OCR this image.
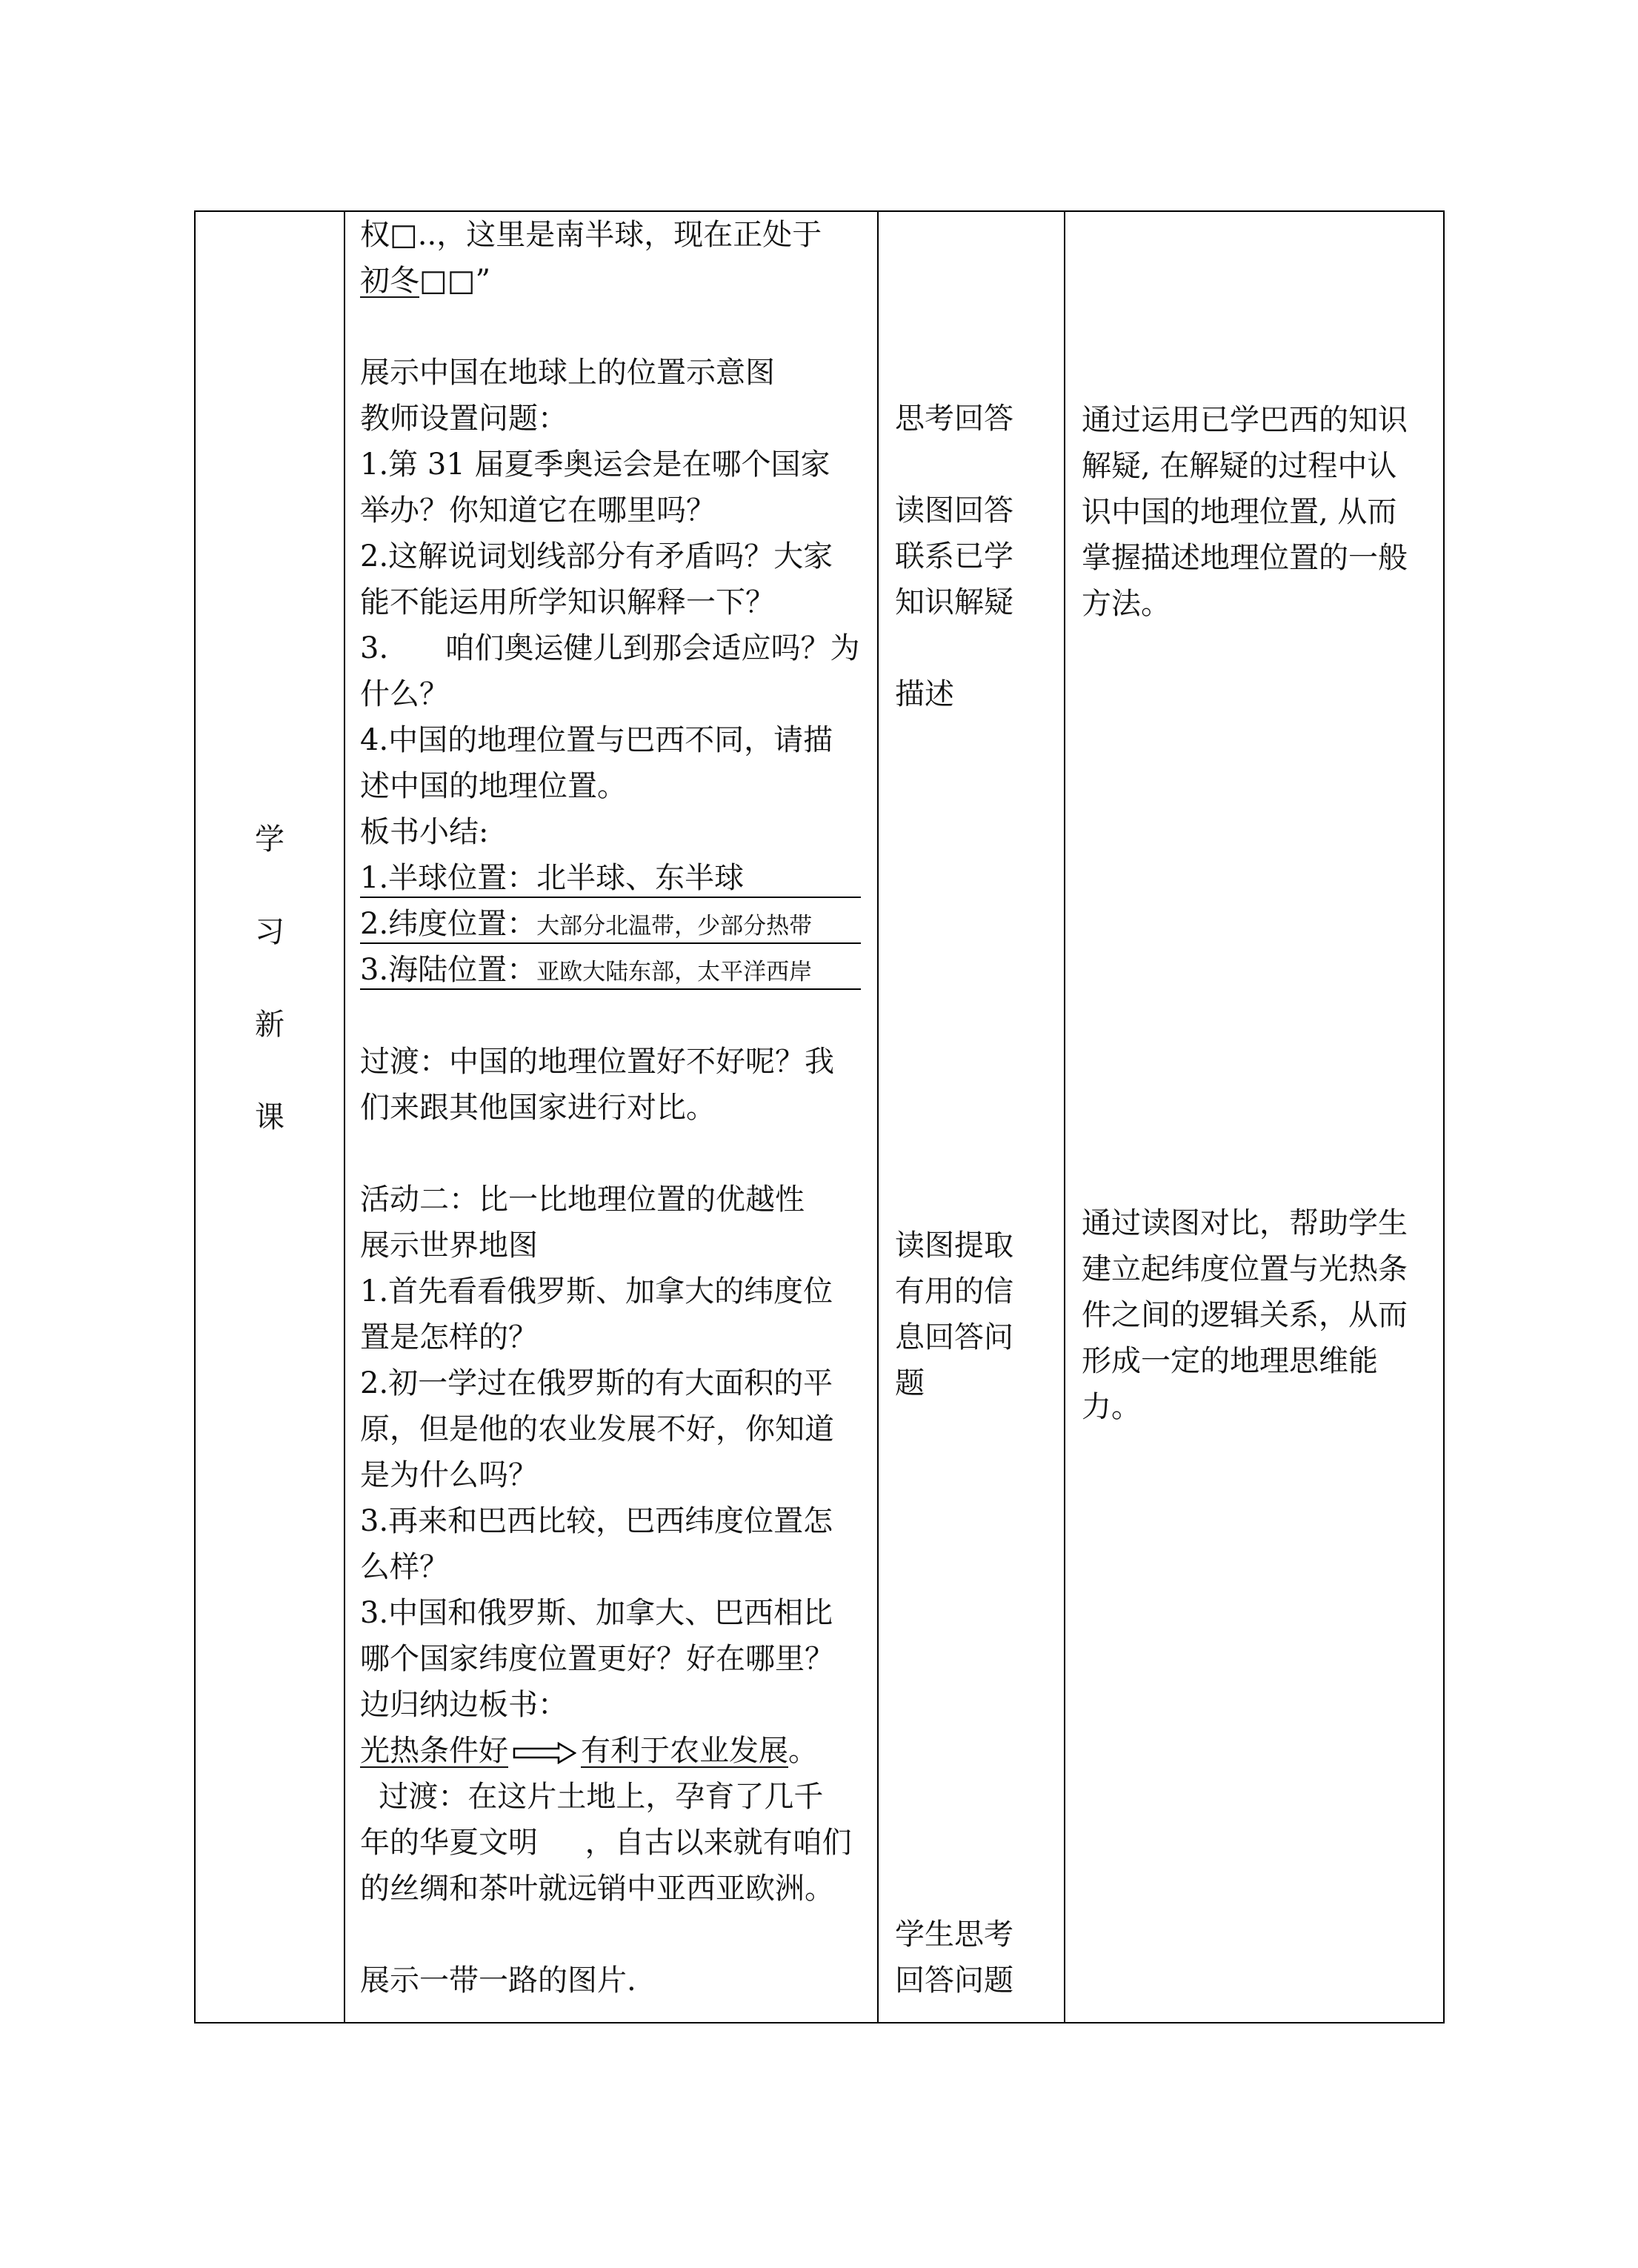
学
习
新
课
权□..，这里是南半球，现在正处于
初冬□□”
展示中国在地球上的位置示意图
教师设置问题：
1.第 31 届夏季奥运会是在哪个国家
举办？你知道它在哪里吗？
2.这解说词划线部分有矛盾吗？大家
能不能运用所学知识解释一下？
3.      咱们奥运健儿到那会适应吗？为
什么？
4.中国的地理位置与巴西不同，请描
述中国的地理位置。
板书小结:
1.半球位置：北半球、东半球
2.纬度位置：大部分北温带，少部分热带
3.海陆位置：亚欧大陆东部，太平洋西岸
过渡：中国的地理位置好不好呢？我
们来跟其他国家进行对比。
活动二：比一比地理位置的优越性
展示世界地图
1.首先看看俄罗斯、加拿大的纬度位
置是怎样的？
2.初一学过在俄罗斯的有大面积的平
原，但是他的农业发展不好，你知道
是为什么吗？
3.再来和巴西比较，巴西纬度位置怎
么样？
3.中国和俄罗斯、加拿大、巴西相比
哪个国家纬度位置更好？好在哪里？
边归纳边板书：
光热条件好 有利于农业发展。
过渡：在这片土地上，孕育了几千
年的华夏文明     ，自古以来就有咱们
的丝绸和茶叶就远销中亚西亚欧洲。
展示一带一路的图片.
思考回答
读图回答
联系已学
知识解疑
描述
读图提取
有用的信
息回答问
题
学生思考
回答问题
通过运用已学巴西的知识
解疑, 在解疑的过程中认
识中国的地理位置, 从而
掌握描述地理位置的一般
方法。
通过读图对比，帮助学生
建立起纬度位置与光热条
件之间的逻辑关系，从而
形成一定的地理思维能
力。
